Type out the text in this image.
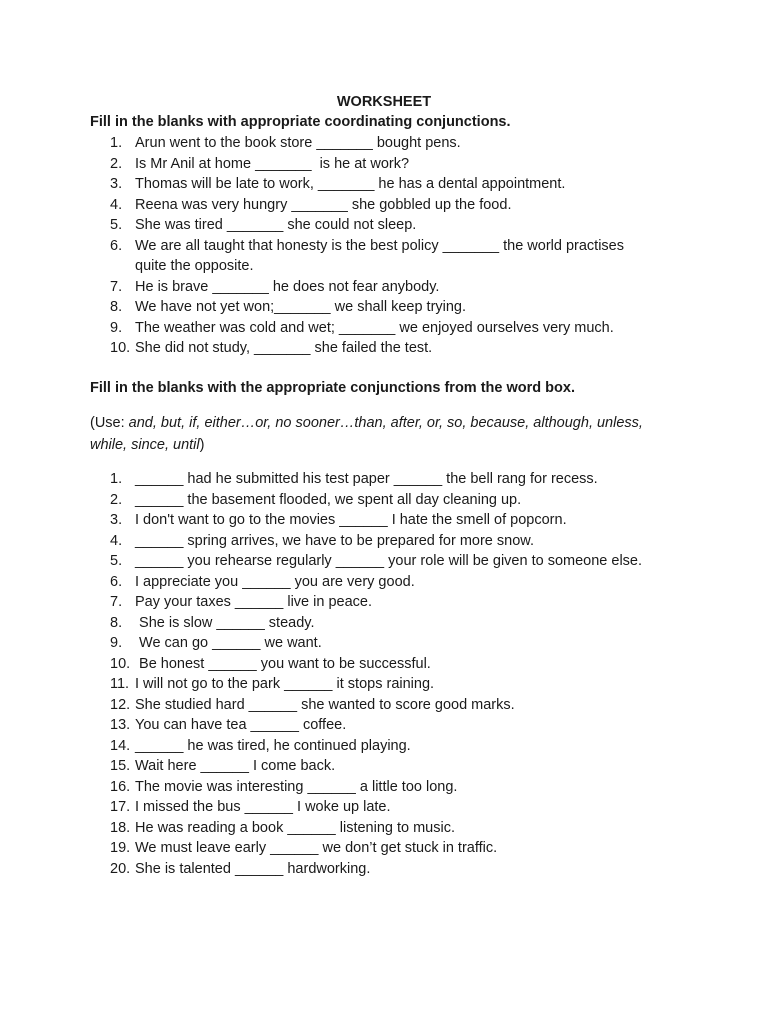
WORKSHEET
Fill in the blanks with appropriate coordinating conjunctions.
1. Arun went to the book store _______ bought pens.
2. Is Mr Anil at home _______  is he at work?
3. Thomas will be late to work, _______ he has a dental appointment.
4. Reena was very hungry _______ she gobbled up the food.
5. She was tired _______ she could not sleep.
6. We are all taught that honesty is the best policy _______ the world practises
quite the opposite.
7. He is brave _______ he does not fear anybody.
8. We have not yet won;_______ we shall keep trying.
9. The weather was cold and wet; _______ we enjoyed ourselves very much.
10. She did not study, _______ she failed the test.
Fill in the blanks with the appropriate conjunctions from the word box.
(Use: and, but, if, either…or, no sooner…than, after, or, so, because, although, unless,
while, since, until)
1. ______ had he submitted his test paper ______ the bell rang for recess.
2. ______ the basement flooded, we spent all day cleaning up.
3. I don't want to go to the movies ______ I hate the smell of popcorn.
4. ______ spring arrives, we have to be prepared for more snow.
5. ______ you rehearse regularly ______ your role will be given to someone else.
6. I appreciate you ______ you are very good.
7. Pay your taxes ______ live in peace.
8. She is slow ______ steady.
9. We can go ______ we want.
10. Be honest ______ you want to be successful.
11. I will not go to the park ______ it stops raining.
12. She studied hard ______ she wanted to score good marks.
13. You can have tea ______ coffee.
14. ______ he was tired, he continued playing.
15. Wait here ______ I come back.
16. The movie was interesting ______ a little too long.
17. I missed the bus ______ I woke up late.
18. He was reading a book ______ listening to music.
19. We must leave early ______ we don’t get stuck in traffic.
20. She is talented ______ hardworking.
